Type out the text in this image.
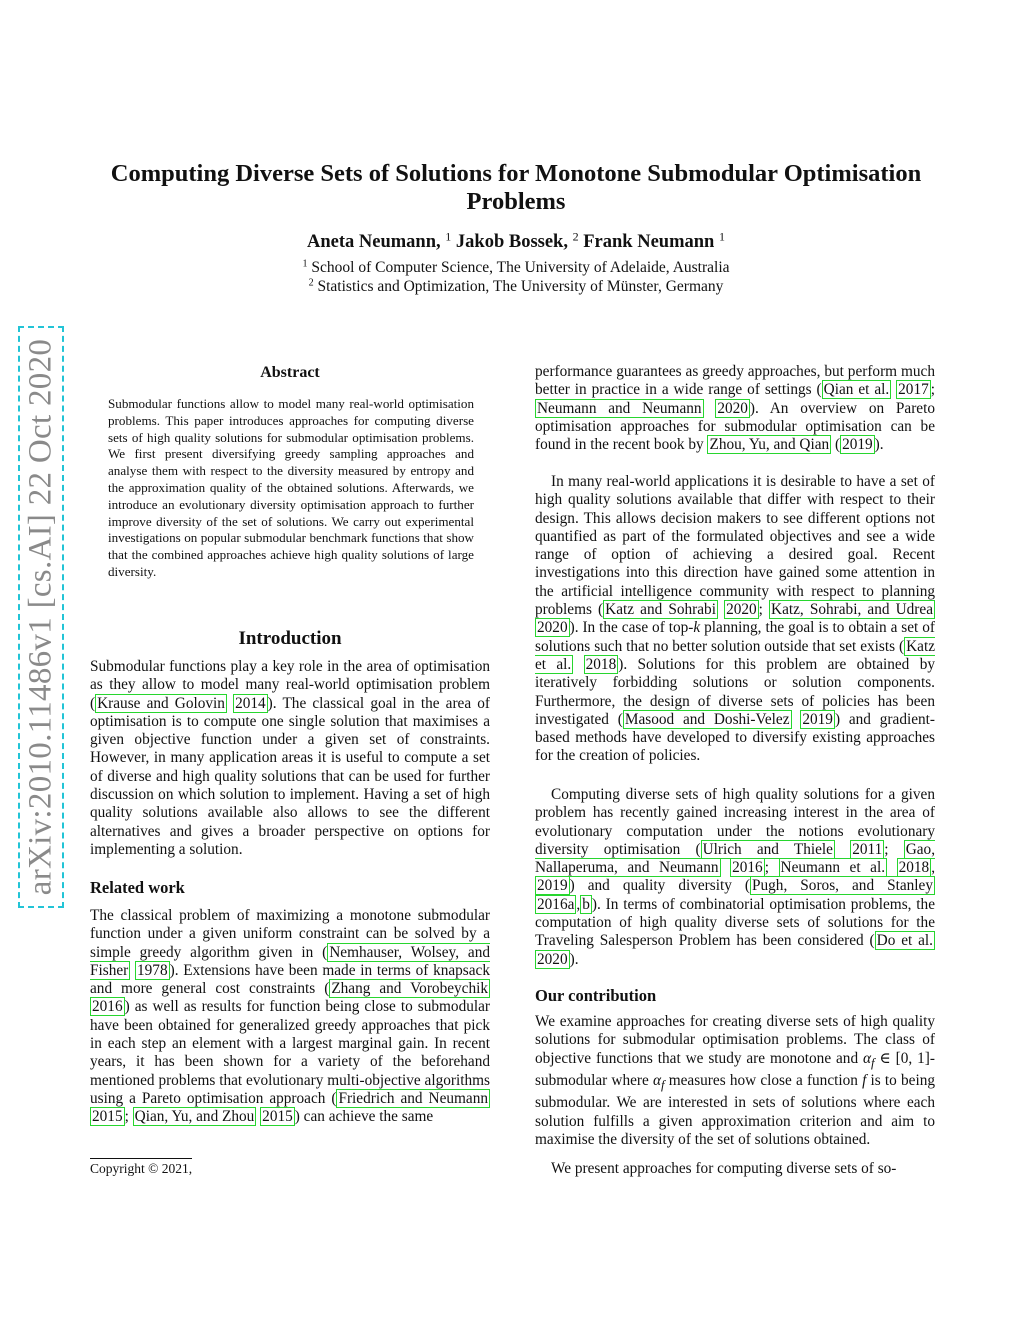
arXiv:2010.11486v1 [cs.AI] 22 Oct 2020
Computing Diverse Sets of Solutions for Monotone Submodular Optimisation Problems
Aneta Neumann, $^1$ Jakob Bossek, $^2$ Frank Neumann $^1$
$^1$ School of Computer Science, The University of Adelaide, Australia
$^2$ Statistics and Optimization, The University of Münster, Germany
Abstract
Submodular functions allow to model many real-world optimisation problems. This paper introduces approaches for computing diverse sets of high quality solutions for submodular optimisation problems. We first present diversifying greedy sampling approaches and analyse them with respect to the diversity measured by entropy and the approximation quality of the obtained solutions. Afterwards, we introduce an evolutionary diversity optimisation approach to further improve diversity of the set of solutions. We carry out experimental investigations on popular submodular benchmark functions that show that the combined approaches achieve high quality solutions of large diversity.
Introduction

Submodular functions play a key role in the area of optimisation as they allow to model many real-world optimisation problem ( Krause and Golovin 2014 ). The classical goal in the area of optimisation is to compute one single solution that maximises a given objective function under a given set of constraints. However, in many application areas it is useful to compute a set of diverse and high quality solutions that can be used for further discussion on which solution to implement. Having a set of high quality solutions available also allows to see the different alternatives and gives a broader perspective on options for implementing a solution.

Related work

The classical problem of maximizing a monotone submodular function under a given uniform constraint can be solved by a simple greedy algorithm given in ( Nemhauser, Wolsey, and Fisher 1978 ). Extensions have been made in terms of knapsack and more general cost constraints ( Zhang and Vorobeychik 2016 ) as well as results for function being close to submodular have been obtained for generalized greedy approaches that pick in each step an element with a largest marginal gain. In recent years, it has been shown for a variety of the beforehand mentioned problems that evolutionary multi-objective algorithms using a Pareto optimisation approach ( Friedrich and Neumann 2015 ; Qian, Yu, and Zhou 2015 ) can achieve the same

Copyright © 2021,

performance guarantees as greedy approaches, but perform much better in practice in a wide range of settings ( Qian et al. 2017 ; Neumann and Neumann 2020 ). An overview on Pareto optimisation approaches for submodular optimisation can be found in the recent book by Zhou, Yu, and Qian ( 2019 ).

In many real-world applications it is desirable to have a set of high quality solutions available that differ with respect to their design. This allows decision makers to see different options not quantified as part of the formulated objectives and see a wide range of option of achieving a desired goal. Recent investigations into this direction have gained some attention in the artificial intelligence community with respect to planning problems ( Katz and Sohrabi 2020 ; Katz, Sohrabi, and Udrea 2020 ). In the case of top-k planning, the goal is to obtain a set of solutions such that no better solution outside that set exists ( Katz et al. 2018 ). Solutions for this problem are obtained by iteratively forbidding solutions or solution components. Furthermore, the design of diverse sets of policies has been investigated ( Masood and Doshi-Velez 2019 ) and gradient-based methods have developed to diversify existing approaches for the creation of policies.

Computing diverse sets of high quality solutions for a given problem has recently gained increasing interest in the area of evolutionary computation under the notions evolutionary diversity optimisation ( Ulrich and Thiele 2011 ; Gao, Nallaperuma, and Neumann 2016 ; Neumann et al. 2018 , 2019 ) and quality diversity ( Pugh, Soros, and Stanley 2016a , b ). In terms of combinatorial optimisation problems, the computation of high quality diverse sets of solutions for the Traveling Salesperson Problem has been considered ( Do et al. 2020 ).

Our contribution

We examine approaches for creating diverse sets of high quality solutions for submodular optimisation problems. The class of objective functions that we study are monotone and $\alpha_f$ ∈ [0, 1]-submodular where $\alpha_f$ measures how close a function f is to being submodular. We are interested in sets of solutions where each solution fulfills a given approximation criterion and aim to maximise the diversity of the set of solutions obtained.

We present approaches for computing diverse sets of so-
